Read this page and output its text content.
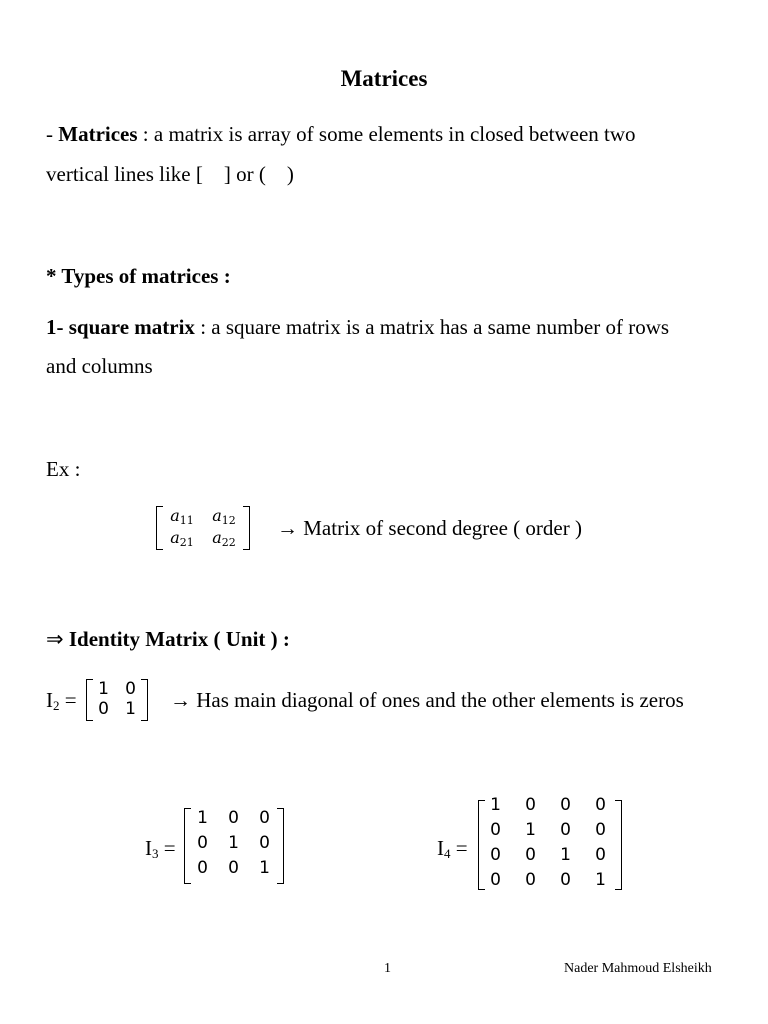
Matrices
- Matrices : a matrix is array of some elements in closed between two
vertical lines like [    ] or (    )
* Types of matrices :
1- square matrix : a square matrix is a matrix has a same number of rows
and columns
Ex :
$a_{11}$	$a_{12}$
$a_{21}$	$a_{22}$
→ Matrix of second degree ( order )
⇒ Identity Matrix ( Unit ) :
I2 =	1 0
0 1	→ Has main diagonal of ones and the other elements is zeros
I3 =
1	0	0
0	1	0
0	0	1
I4 =
1	0	0	0
0	1	0	0
0	0	1	0
0	0	0	1
1	Nader Mahmoud Elsheikh
